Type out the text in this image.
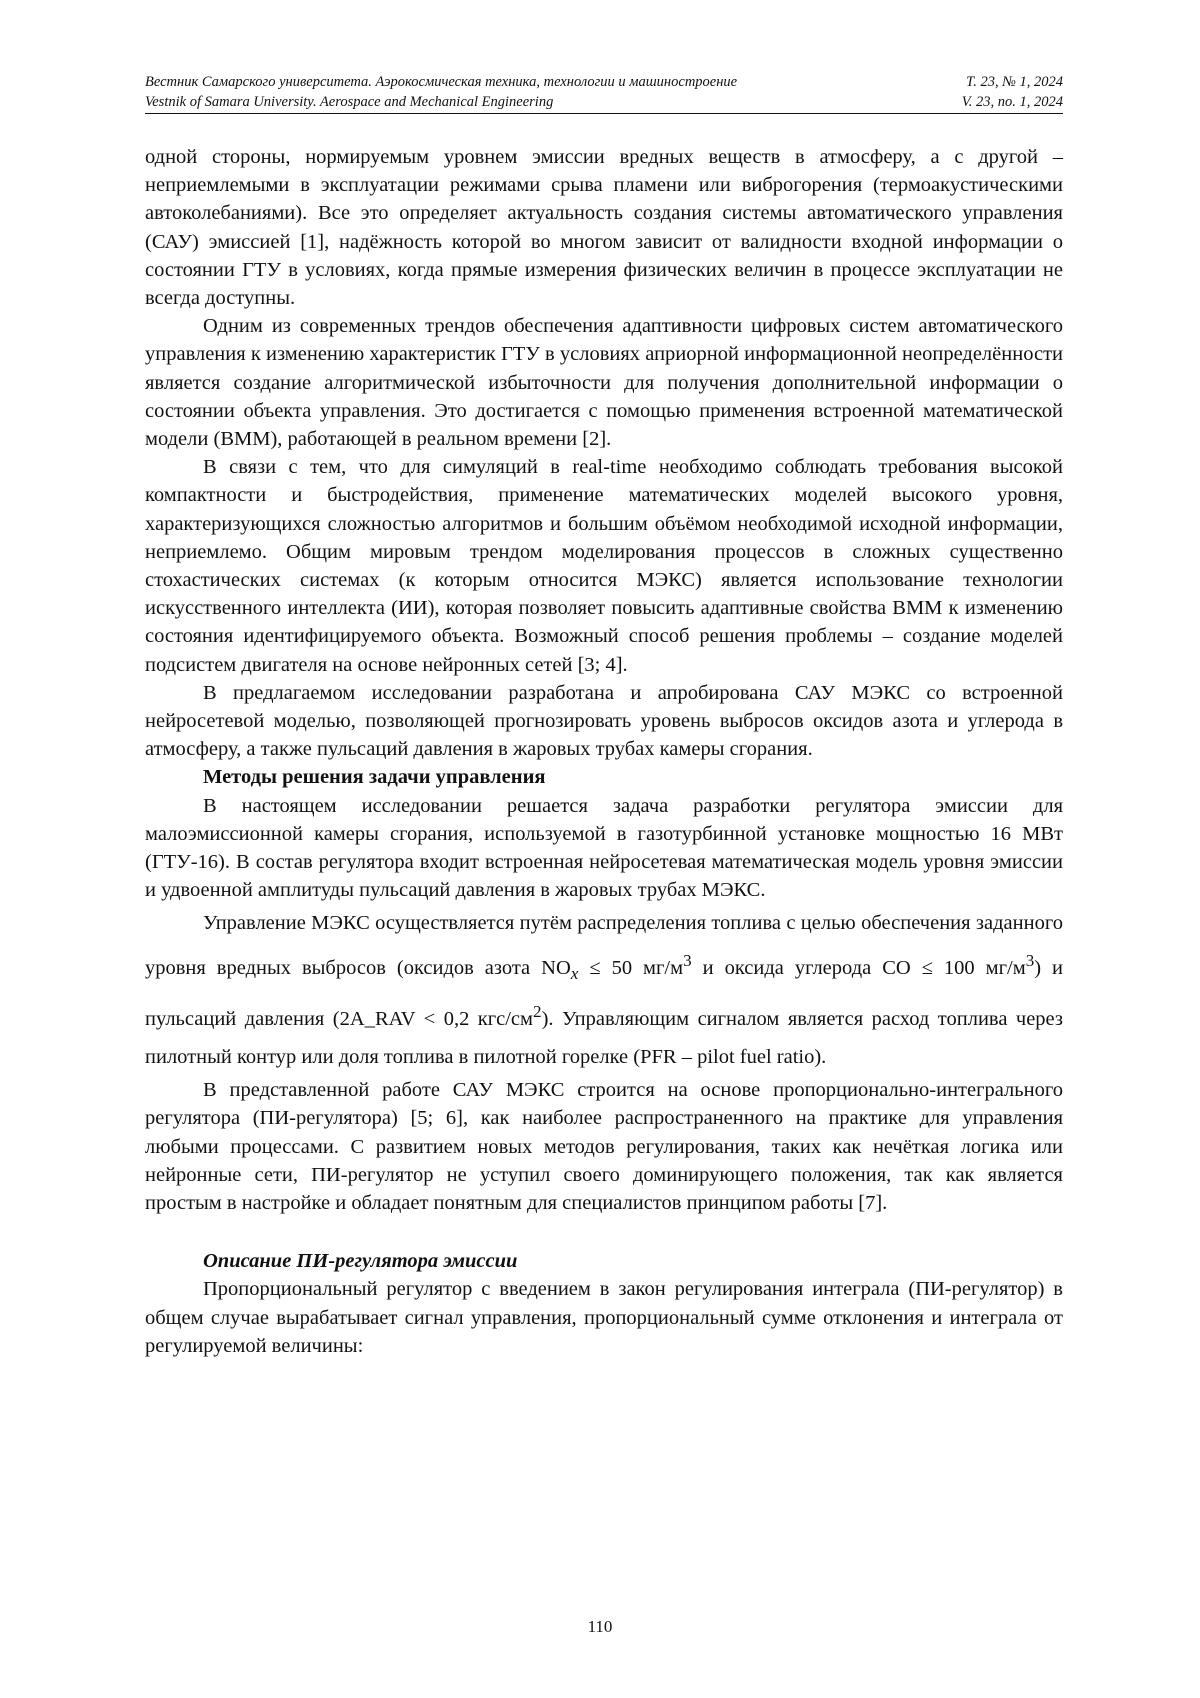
Вестник Самарского университета. Аэрокосмическая техника, технологии и машиностроение	Т. 23, № 1, 2024
Vestnik of Samara University. Aerospace and Mechanical Engineering	V. 23, no. 1, 2024

одной стороны, нормируемым уровнем эмиссии вредных веществ в атмосферу, а с другой – неприемлемыми в эксплуатации режимами срыва пламени или виброгорения (термоакустическими автоколебаниями). Все это определяет актуальность создания системы автоматического управления (САУ) эмиссией [1], надёжность которой во многом зависит от валидности входной информации о состоянии ГТУ в условиях, когда прямые измерения физических величин в процессе эксплуатации не всегда доступны.

Одним из современных трендов обеспечения адаптивности цифровых систем автоматического управления к изменению характеристик ГТУ в условиях априорной информационной неопределённости является создание алгоритмической избыточности для получения дополнительной информации о состоянии объекта управления. Это достигается с помощью применения встроенной математической модели (ВММ), работающей в реальном времени [2].

В связи с тем, что для симуляций в real-time необходимо соблюдать требования высокой компактности и быстродействия, применение математических моделей высокого уровня, характеризующихся сложностью алгоритмов и большим объёмом необходимой исходной информации, неприемлемо. Общим мировым трендом моделирования процессов в сложных существенно стохастических системах (к которым относится МЭКС) является использование технологии искусственного интеллекта (ИИ), которая позволяет повысить адаптивные свойства ВММ к изменению состояния идентифицируемого объекта. Возможный способ решения проблемы – создание моделей подсистем двигателя на основе нейронных сетей [3; 4].

В предлагаемом исследовании разработана и апробирована САУ МЭКС со встроенной нейросетевой моделью, позволяющей прогнозировать уровень выбросов оксидов азота и углерода в атмосферу, а также пульсаций давления в жаровых трубах камеры сгорания.

Методы решения задачи управления

В настоящем исследовании решается задача разработки регулятора эмиссии для малоэмиссионной камеры сгорания, используемой в газотурбинной установке мощностью 16 МВт (ГТУ-16). В состав регулятора входит встроенная нейросетевая математическая модель уровня эмиссии и удвоенной амплитуды пульсаций давления в жаровых трубах МЭКС.

Управление МЭКС осуществляется путём распределения топлива с целью обеспечения заданного уровня вредных выбросов (оксидов азота $NO_x \le 50$ $мг/м^3$ и оксида углерода CO ≤ 100 $мг/м^3$) и пульсаций давления (2A_RAV < 0,2 кгс/$см^2$). Управляющим сигналом является расход топлива через пилотный контур или доля топлива в пилотной горелке (PFR – pilot fuel ratio).

В представленной работе САУ МЭКС строится на основе пропорционально-интегрального регулятора (ПИ-регулятора) [5; 6], как наиболее распространенного на практике для управления любыми процессами. С развитием новых методов регулирования, таких как нечёткая логика или нейронные сети, ПИ-регулятор не уступил своего доминирующего положения, так как является простым в настройке и обладает понятным для специалистов принципом работы [7].

Описание ПИ-регулятора эмиссии

Пропорциональный регулятор с введением в закон регулирования интеграла (ПИ-регулятор) в общем случае вырабатывает сигнал управления, пропорциональный сумме отклонения и интеграла от регулируемой величины:

110
